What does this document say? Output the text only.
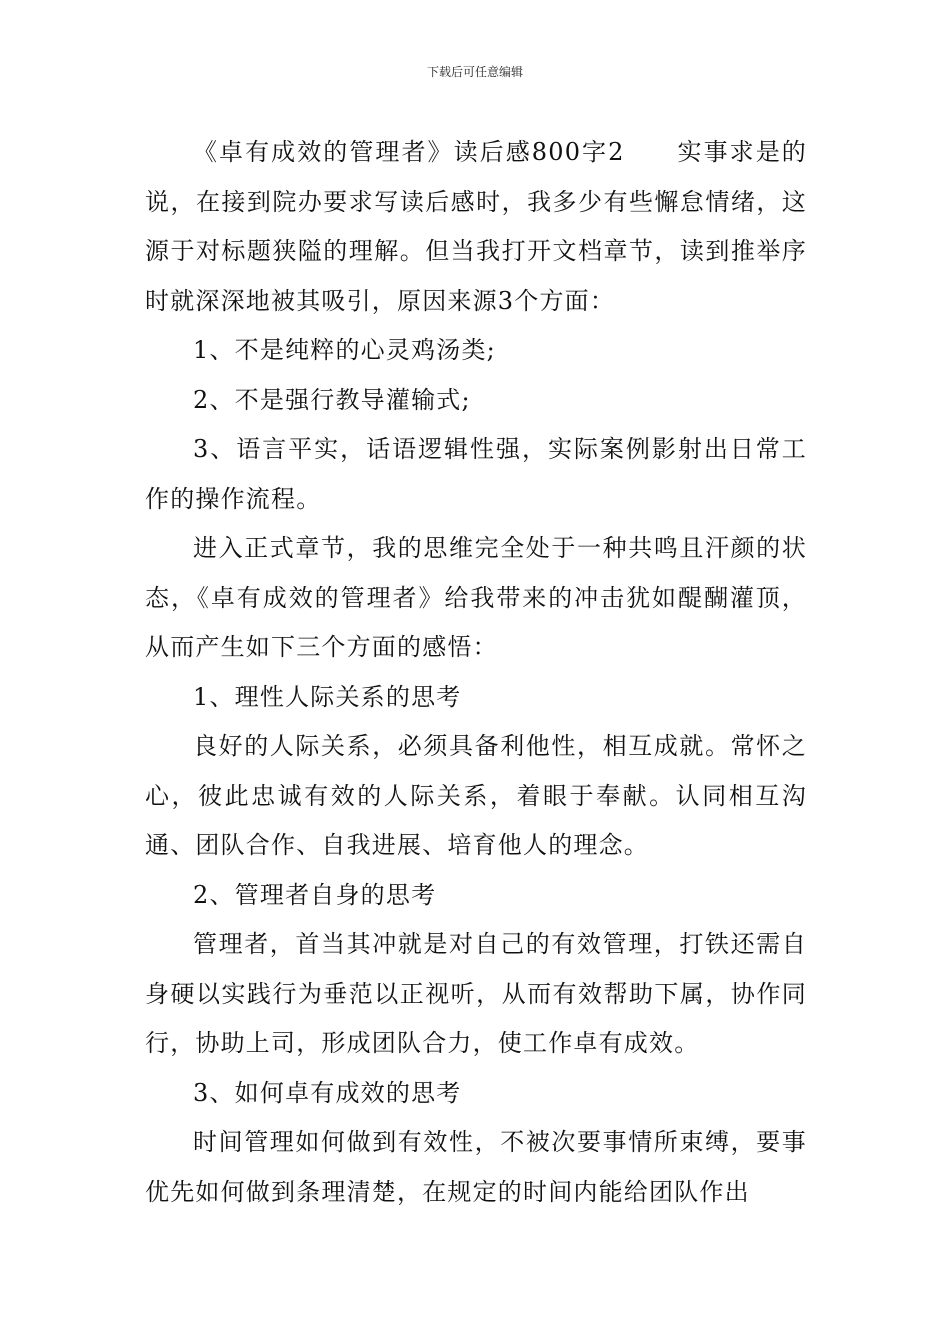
下载后可任意编辑

《卓有成效的管理者》读后感800字2　　实事求是的说，在接到院办要求写读后感时，我多少有些懈怠情绪，这源于对标题狭隘的理解。但当我打开文档章节，读到推举序时就深深地被其吸引，原因来源3个方面：

1、不是纯粹的心灵鸡汤类;

2、不是强行教导灌输式;

3、语言平实，话语逻辑性强，实际案例影射出日常工作的操作流程。

进入正式章节，我的思维完全处于一种共鸣且汗颜的状态，《卓有成效的管理者》给我带来的冲击犹如醍醐灌顶，从而产生如下三个方面的感悟：

1、理性人际关系的思考

良好的人际关系，必须具备利他性，相互成就。常怀之心，彼此忠诚有效的人际关系，着眼于奉献。认同相互沟通、团队合作、自我进展、培育他人的理念。

2、管理者自身的思考

管理者，首当其冲就是对自己的有效管理，打铁还需自身硬以实践行为垂范以正视听，从而有效帮助下属，协作同行，协助上司，形成团队合力，使工作卓有成效。

3、如何卓有成效的思考

时间管理如何做到有效性，不被次要事情所束缚，要事优先如何做到条理清楚，在规定的时间内能给团队作出
